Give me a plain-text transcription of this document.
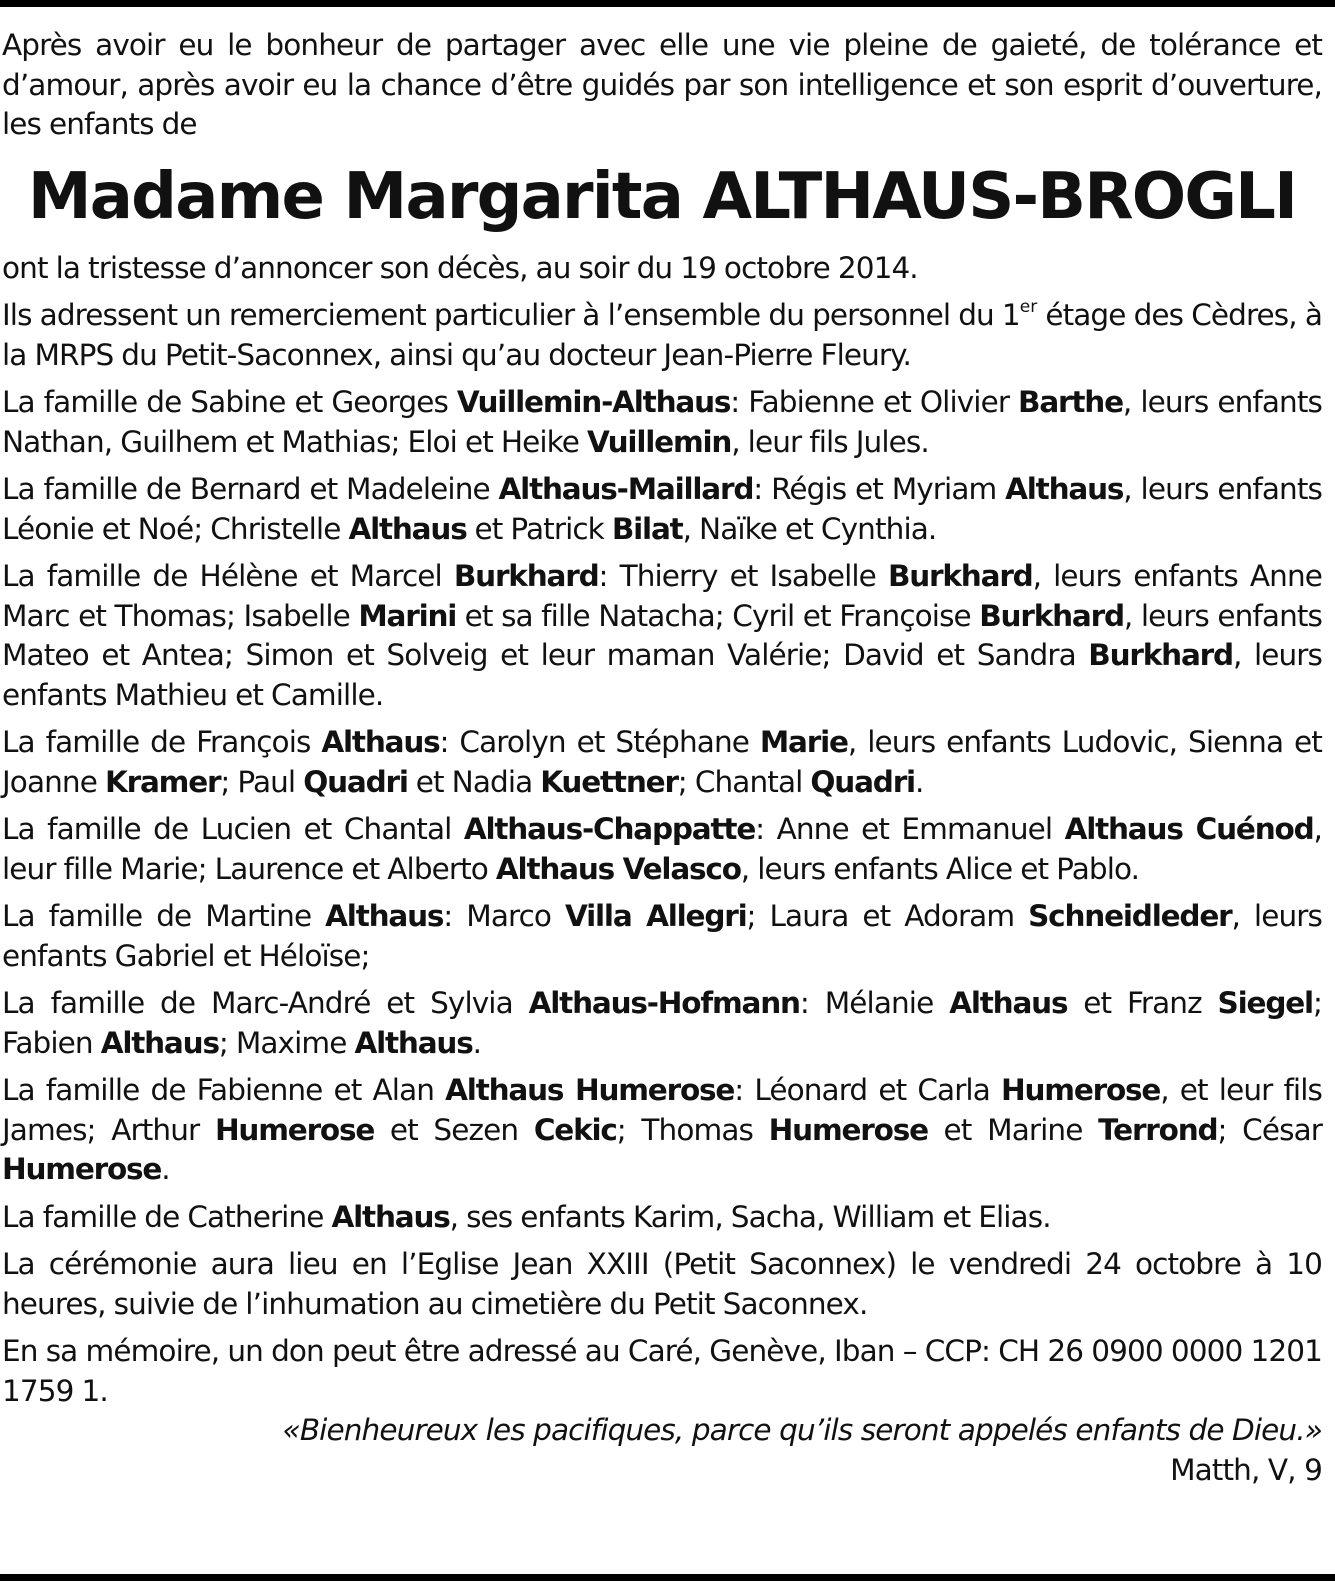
Après avoir eu le bonheur de partager avec elle une vie pleine de gaieté, de tolérance et d’amour, après avoir eu la chance d’être guidés par son intelligence et son esprit d’ouverture, les enfants de

Madame Margarita ALTHAUS-BROGLI

ont la tristesse d’annoncer son décès, au soir du 19 octobre 2014.

Ils adressent un remerciement particulier à l’ensemble du personnel du 1er étage des Cèdres, à la MRPS du Petit-Saconnex, ainsi qu’au docteur Jean-Pierre Fleury.

La famille de Sabine et Georges Vuillemin-Althaus: Fabienne et Olivier Barthe, leurs enfants Nathan, Guilhem et Mathias; Eloi et Heike Vuillemin, leur fils Jules.

La famille de Bernard et Madeleine Althaus-Maillard: Régis et Myriam Althaus, leurs enfants Léonie et Noé; Christelle Althaus et Patrick Bilat, Naïke et Cynthia.

La famille de Hélène et Marcel Burkhard: Thierry et Isabelle Burkhard, leurs enfants Anne Marc et Thomas; Isabelle Marini et sa fille Natacha; Cyril et Françoise Burkhard, leurs enfants Mateo et Antea; Simon et Solveig et leur maman Valérie; David et Sandra Burkhard, leurs enfants Mathieu et Camille.

La famille de François Althaus: Carolyn et Stéphane Marie, leurs enfants Ludovic, Sienna et Joanne Kramer; Paul Quadri et Nadia Kuettner; Chantal Quadri.

La famille de Lucien et Chantal Althaus-Chappatte: Anne et Emmanuel Althaus Cuénod, leur fille Marie; Laurence et Alberto Althaus Velasco, leurs enfants Alice et Pablo.

La famille de Martine Althaus: Marco Villa Allegri; Laura et Adoram Schneidleder, leurs enfants Gabriel et Héloïse;

La famille de Marc-André et Sylvia Althaus-Hofmann: Mélanie Althaus et Franz Siegel; Fabien Althaus; Maxime Althaus.

La famille de Fabienne et Alan Althaus Humerose: Léonard et Carla Humerose, et leur fils James; Arthur Humerose et Sezen Cekic; Thomas Humerose et Marine Terrond; César Humerose.

La famille de Catherine Althaus, ses enfants Karim, Sacha, William et Elias.

La cérémonie aura lieu en l’Eglise Jean XXIII (Petit Saconnex) le vendredi 24 octobre à 10 heures, suivie de l’inhumation au cimetière du Petit Saconnex.

En sa mémoire, un don peut être adressé au Caré, Genève, Iban – CCP: CH 26 0900 0000 1201 1759 1.

«Bienheureux les pacifiques, parce qu’ils seront appelés enfants de Dieu.»
Matth, V, 9
